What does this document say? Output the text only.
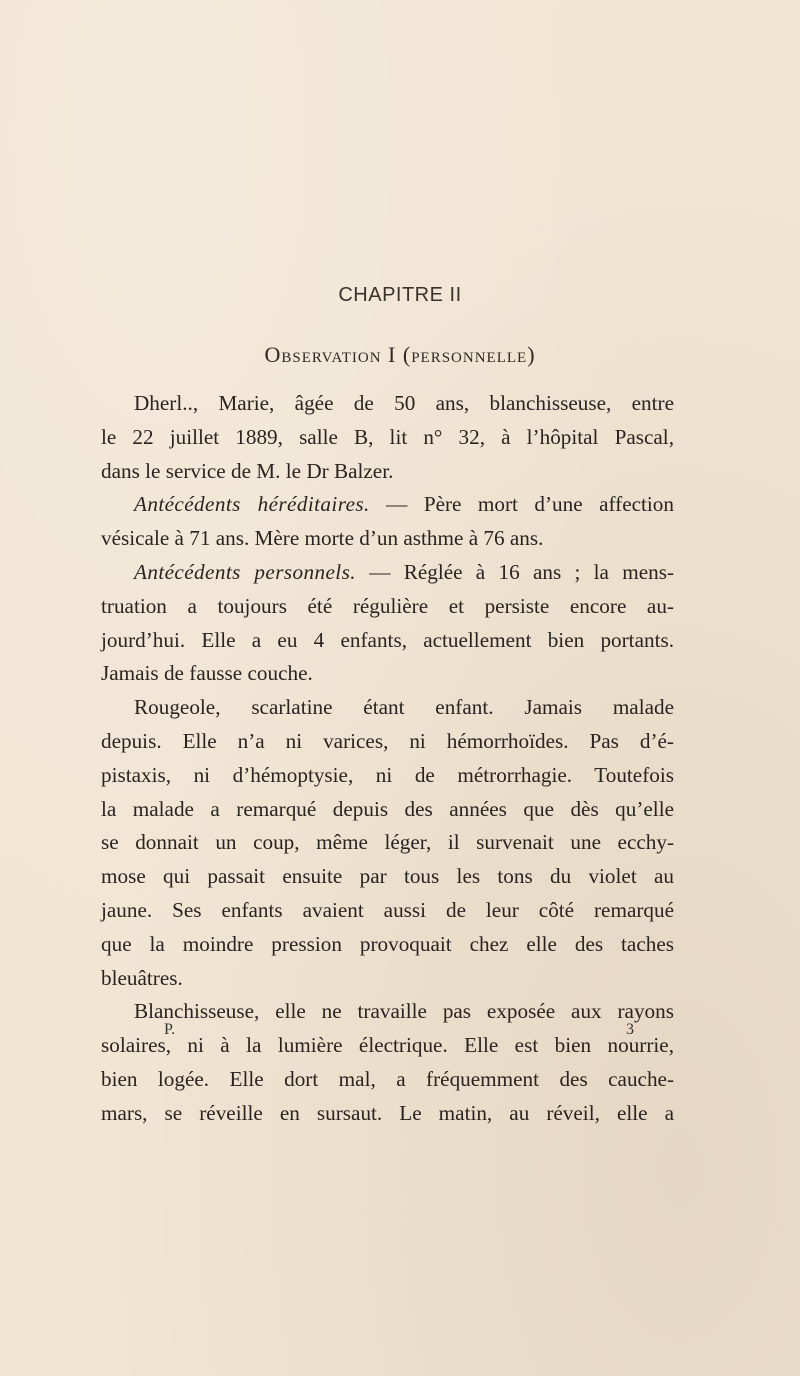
CHAPITRE II
Observation I (personnelle)
Dherl.., Marie, âgée de 50 ans, blanchisseuse, entre
le 22 juillet 1889, salle B, lit n° 32, à l’hôpital Pascal,
dans le service de M. le Dr Balzer.
Antécédents héréditaires. — Père mort d’une affection
vésicale à 71 ans. Mère morte d’un asthme à 76 ans.
Antécédents personnels. — Réglée à 16 ans ; la mens-
truation a toujours été régulière et persiste encore au-
jourd’hui. Elle a eu 4 enfants, actuellement bien portants.
Jamais de fausse couche.
Rougeole, scarlatine étant enfant. Jamais malade
depuis. Elle n’a ni varices, ni hémorrhoïdes. Pas d’é-
pistaxis, ni d’hémoptysie, ni de métrorrhagie. Toutefois
la malade a remarqué depuis des années que dès qu’elle
se donnait un coup, même léger, il survenait une ecchy-
mose qui passait ensuite par tous les tons du violet au
jaune. Ses enfants avaient aussi de leur côté remarqué
que la moindre pression provoquait chez elle des taches
bleuâtres.
Blanchisseuse, elle ne travaille pas exposée aux rayons
solaires, ni à la lumière électrique. Elle est bien nourrie,
bien logée. Elle dort mal, a fréquemment des cauche-
mars, se réveille en sursaut. Le matin, au réveil, elle a
P.	3
